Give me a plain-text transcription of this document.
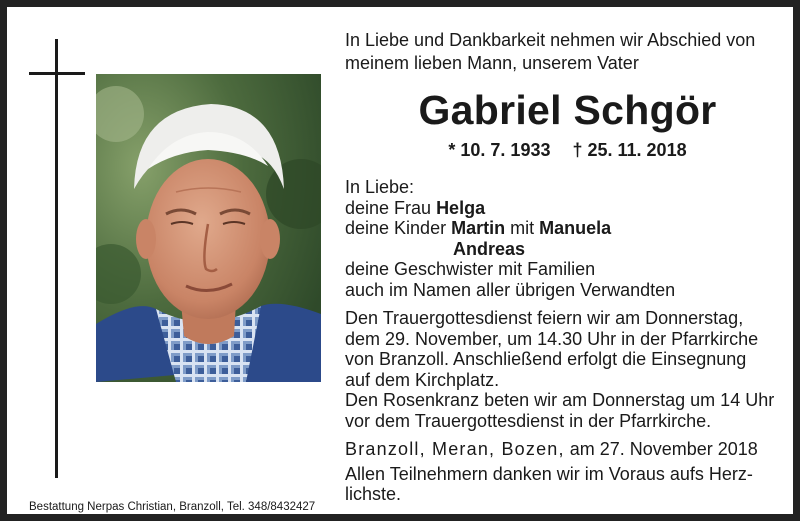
In Liebe und Dankbarkeit nehmen wir Abschied von
meinem lieben Mann, unserem Vater
Gabriel Schgör
* 10. 7. 1933 † 25. 11. 2018
In Liebe:
deine Frau Helga
deine Kinder Martin mit Manuela
Andreas
deine Geschwister mit Familien
auch im Namen aller übrigen Verwandten
Den Trauergottesdienst feiern wir am Donnerstag,
dem 29. November, um 14.30 Uhr in der Pfarrkirche
von Branzoll. Anschließend erfolgt die Einsegnung
auf dem Kirchplatz.
Den Rosenkranz beten wir am Donnerstag um 14 Uhr
vor dem Trauergottesdienst in der Pfarrkirche.
Branzoll, Meran, Bozen, am 27. November 2018
Allen Teilnehmern danken wir im Voraus aufs Herz-
lichste.
Bestattung Nerpas Christian, Branzoll, Tel. 348/8432427
